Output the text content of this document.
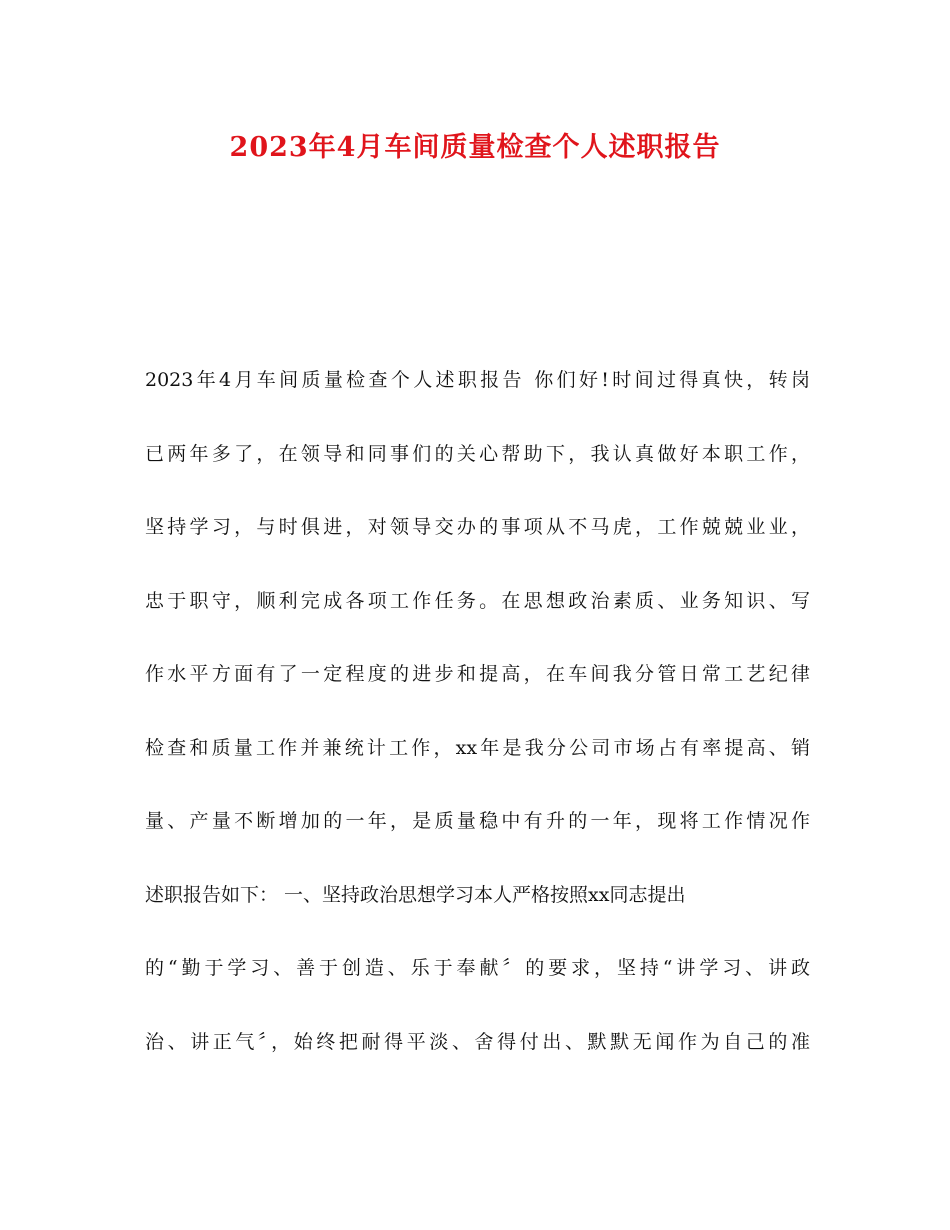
2023年4月车间质量检查个人述职报告
2023年4月车间质量检查个人述职报告 你们好!时间过得真快，转岗
已两年多了，在领导和同事们的关心帮助下，我认真做好本职工作，
坚持学习，与时俱进，对领导交办的事项从不马虎，工作兢兢业业，
忠于职守，顺利完成各项工作任务。在思想政治素质、业务知识、写
作水平方面有了一定程度的进步和提高，在车间我分管日常工艺纪律
检查和质量工作并兼统计工作，xx年是我分公司市场占有率提高、销
量、产量不断增加的一年，是质量稳中有升的一年，现将工作情况作
述职报告如下： 一、坚持政治思想学习本人严格按照xx同志提出
的“勤于学习、善于创造、乐于奉献〞的要求，坚持“讲学习、讲政
治、讲正气〞，始终把耐得平淡、舍得付出、默默无闻作为自己的准
